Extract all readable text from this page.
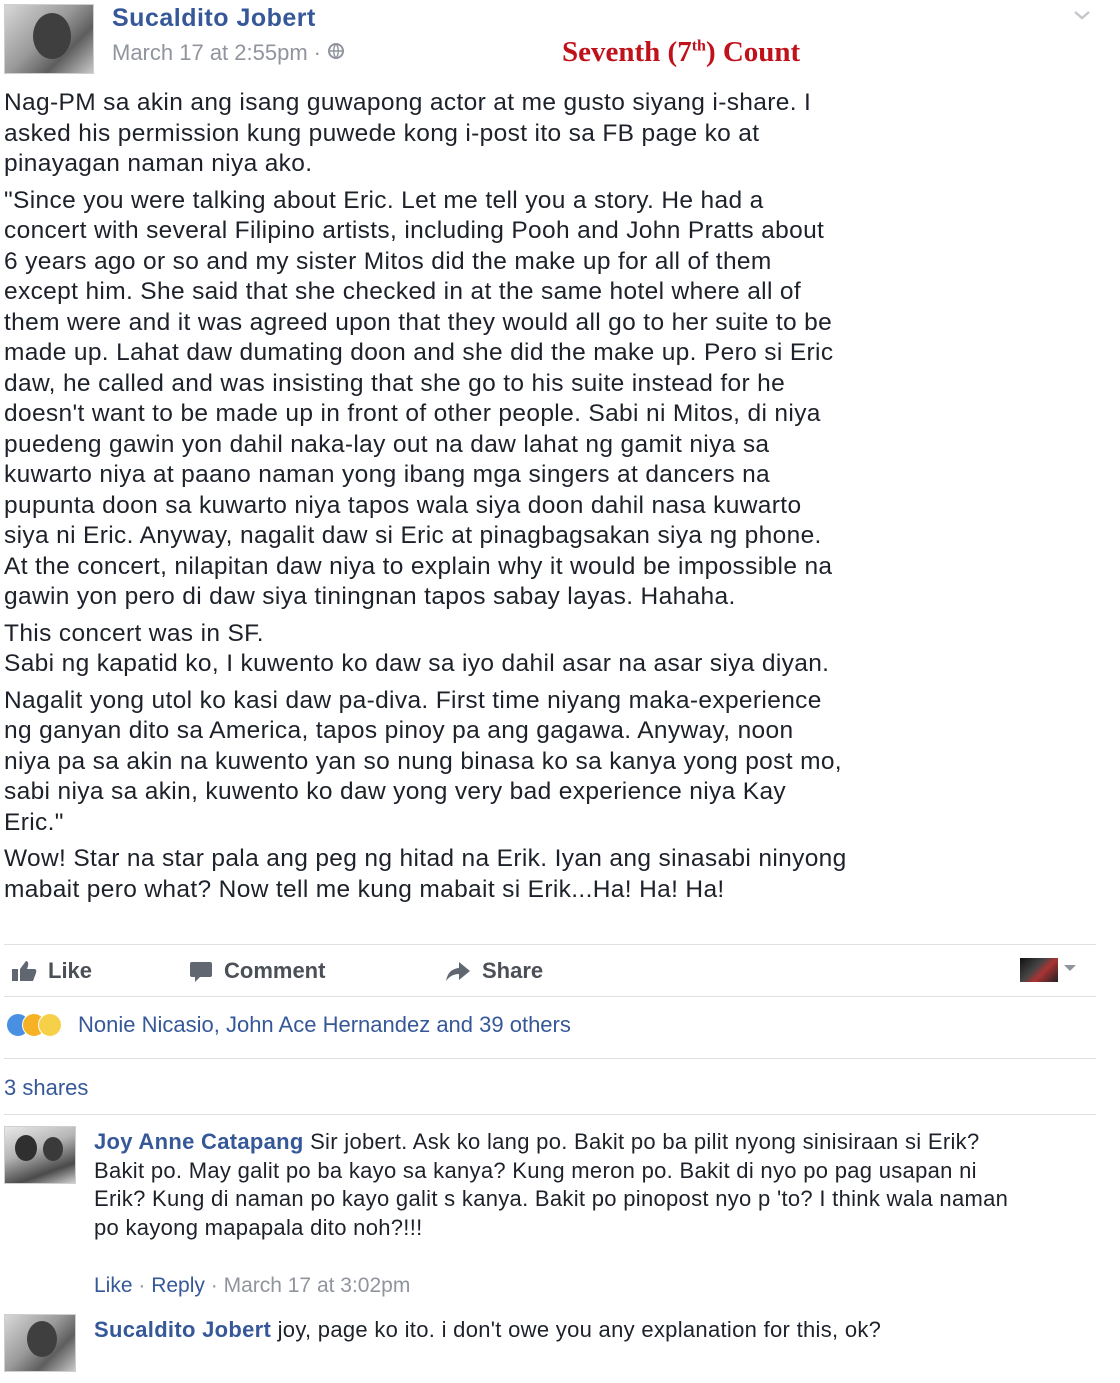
Sucaldito Jobert
March 17 at 2:55pm ·	Seventh (7th) Count

Nag-PM sa akin ang isang guwapong actor at me gusto siyang i-share. I
asked his permission kung puwede kong i-post ito sa FB page ko at
pinayagan naman niya ako.

"Since you were talking about Eric. Let me tell you a story. He had a
concert with several Filipino artists, including Pooh and John Pratts about
6 years ago or so and my sister Mitos did the make up for all of them
except him. She said that she checked in at the same hotel where all of
them were and it was agreed upon that they would all go to her suite to be
made up. Lahat daw dumating doon and she did the make up. Pero si Eric
daw, he called and was insisting that she go to his suite instead for he
doesn't want to be made up in front of other people. Sabi ni Mitos, di niya
puedeng gawin yon dahil naka-lay out na daw lahat ng gamit niya sa
kuwarto niya at paano naman yong ibang mga singers at dancers na
pupunta doon sa kuwarto niya tapos wala siya doon dahil nasa kuwarto
siya ni Eric. Anyway, nagalit daw si Eric at pinagbagsakan siya ng phone.
At the concert, nilapitan daw niya to explain why it would be impossible na
gawin yon pero di daw siya tiningnan tapos sabay layas. Hahaha.

This concert was in SF.
Sabi ng kapatid ko, I kuwento ko daw sa iyo dahil asar na asar siya diyan.

Nagalit yong utol ko kasi daw pa-diva. First time niyang maka-experience
ng ganyan dito sa America, tapos pinoy pa ang gagawa. Anyway, noon
niya pa sa akin na kuwento yan so nung binasa ko sa kanya yong post mo,
sabi niya sa akin, kuwento ko daw yong very bad experience niya Kay
Eric."

Wow! Star na star pala ang peg ng hitad na Erik. Iyan ang sinasabi ninyong
mabait pero what? Now tell me kung mabait si Erik...Ha! Ha! Ha!

Like	Comment	Share
Nonie Nicasio, John Ace Hernandez and 39 others
3 shares
Joy Anne Catapang Sir jobert. Ask ko lang po. Bakit po ba pilit nyong sinisiraan si Erik? Bakit po. May galit po ba kayo sa kanya? Kung meron po. Bakit di nyo po pag usapan ni Erik? Kung di naman po kayo galit s kanya. Bakit po pinopost nyo p 'to? I think wala naman po kayong mapapala dito noh?!!!
Like · Reply · March 17 at 3:02pm
Sucaldito Jobert joy, page ko ito. i don't owe you any explanation for this, ok?
